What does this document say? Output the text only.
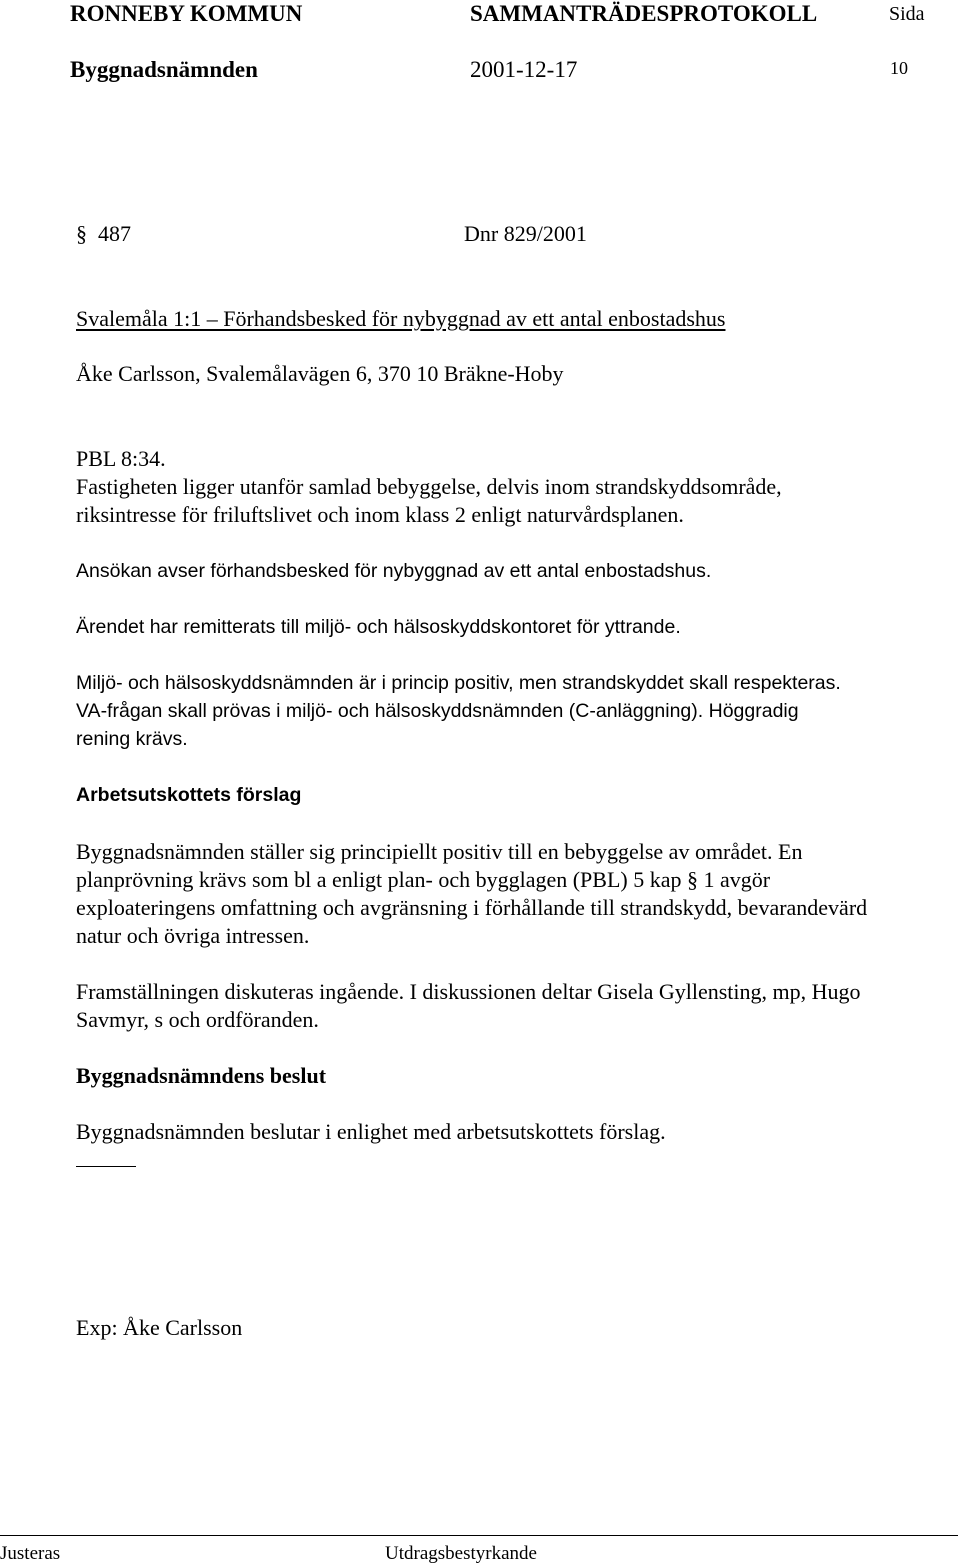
RONNEBY KOMMUN	SAMMANTRÄDESPROTOKOLL	Sida
Byggnadsnämnden	2001-12-17	10
§ 487	Dnr 829/2001
Svalemåla 1:1 – Förhandsbesked för nybyggnad av ett antal enbostadshus
Åke Carlsson, Svalemålavägen 6, 370 10 Bräkne-Hoby
PBL 8:34.
Fastigheten ligger utanför samlad bebyggelse, delvis inom strandskyddsområde,
riksintresse för friluftslivet och inom klass 2 enligt naturvårdsplanen.
Ansökan avser förhandsbesked för nybyggnad av ett antal enbostadshus.
Ärendet har remitterats till miljö- och hälsoskyddskontoret för yttrande.
Miljö- och hälsoskyddsnämnden är i princip positiv, men strandskyddet skall respekteras.
VA-frågan skall prövas i miljö- och hälsoskyddsnämnden (C-anläggning). Höggradig
rening krävs.
Arbetsutskottets förslag
Byggnadsnämnden ställer sig principiellt positiv till en bebyggelse av området. En
planprövning krävs som bl a enligt plan- och bygglagen (PBL) 5 kap § 1 avgör
exploateringens omfattning och avgränsning i förhållande till strandskydd, bevarandevärd
natur och övriga intressen.
Framställningen diskuteras ingående. I diskussionen deltar Gisela Gyllensting, mp, Hugo
Savmyr, s och ordföranden.
Byggnadsnämndens beslut
Byggnadsnämnden beslutar i enlighet med arbetsutskottets förslag.
Exp: Åke Carlsson
Justeras	Utdragsbestyrkande
